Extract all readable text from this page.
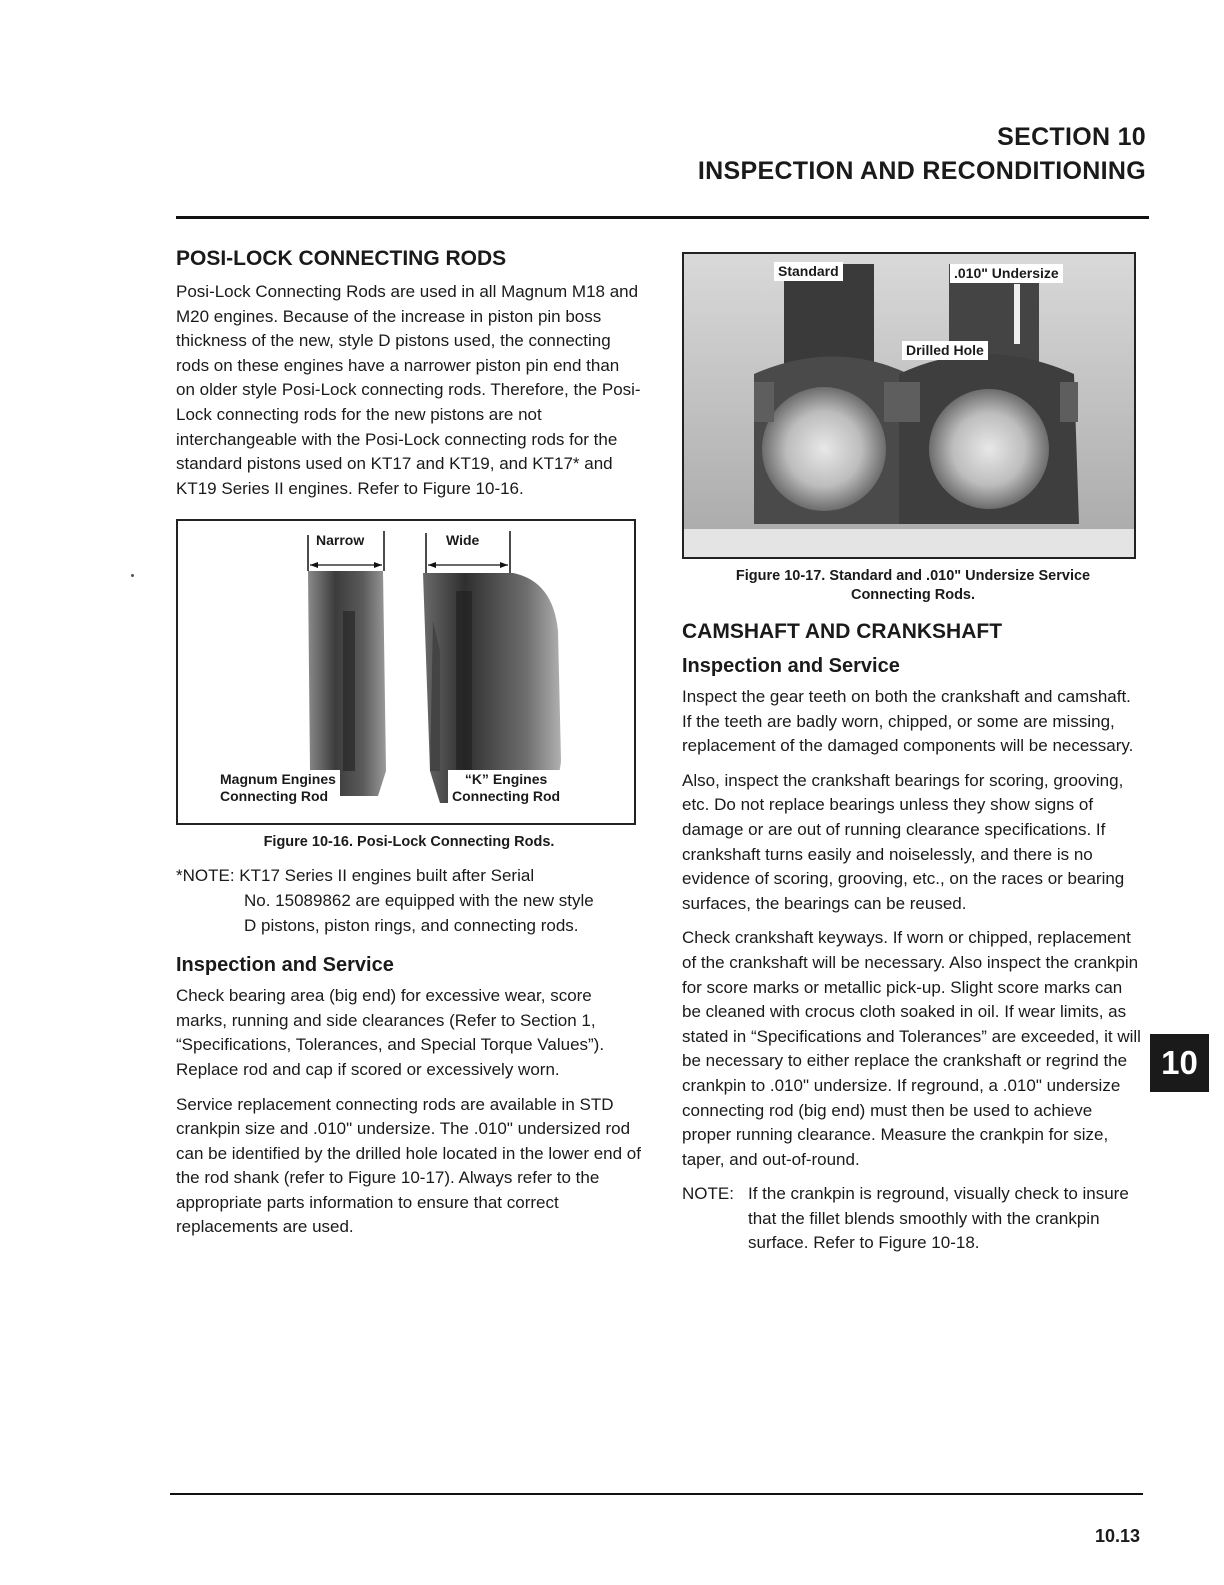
SECTION 10
INSPECTION AND RECONDITIONING
POSI-LOCK CONNECTING RODS

Posi-Lock Connecting Rods are used in all Magnum M18 and M20 engines. Because of the increase in piston pin boss thickness of the new, style D pistons used, the connecting rods on these engines have a narrower piston pin end than on older style Posi-Lock connecting rods. Therefore, the Posi-Lock connecting rods for the new pistons are not interchangeable with the Posi-Lock connecting rods for the standard pistons used on KT17 and KT19, and KT17* and KT19 Series II engines. Refer to Figure 10-16.

Narrow	Wide
Magnum Engines
Connecting Rod
“K” Engines
Connecting Rod
Figure 10-16. Posi-Lock Connecting Rods.
*NOTE: KT17 Series II engines built after Serial
No. 15089862 are equipped with the new style
D pistons, piston rings, and connecting rods.
Inspection and Service

Check bearing area (big end) for excessive wear, score marks, running and side clearances (Refer to Section 1, “Specifications, Tolerances, and Special Torque Values”). Replace rod and cap if scored or excessively worn.

Service replacement connecting rods are available in STD crankpin size and .010" undersize. The .010" undersized rod can be identified by the drilled hole located in the lower end of the rod shank (refer to Figure 10-17). Always refer to the appropriate parts information to ensure that correct replacements are used.

Standard	.010" Undersize
Drilled Hole
Figure 10-17. Standard and .010" Undersize Service
Connecting Rods.
CAMSHAFT AND CRANKSHAFT
Inspection and Service

Inspect the gear teeth on both the crankshaft and camshaft. If the teeth are badly worn, chipped, or some are missing, replacement of the damaged components will be necessary.

Also, inspect the crankshaft bearings for scoring, grooving, etc. Do not replace bearings unless they show signs of damage or are out of running clearance specifications. If crankshaft turns easily and noiselessly, and there is no evidence of scoring, grooving, etc., on the races or bearing surfaces, the bearings can be reused.

Check crankshaft keyways. If worn or chipped, replacement of the crankshaft will be necessary. Also inspect the crankpin for score marks or metallic pick-up. Slight score marks can be cleaned with crocus cloth soaked in oil. If wear limits, as stated in “Specifications and Tolerances” are exceeded, it will be necessary to either replace the crankshaft or regrind the crankpin to .010" undersize. If reground, a .010" undersize connecting rod (big end) must then be used to achieve proper running clearance. Measure the crankpin for size, taper, and out-of-round.

NOTE: If the crankpin is reground, visually check to insure that the fillet blends smoothly with the crankpin surface. Refer to Figure 10-18.
10
10.13
